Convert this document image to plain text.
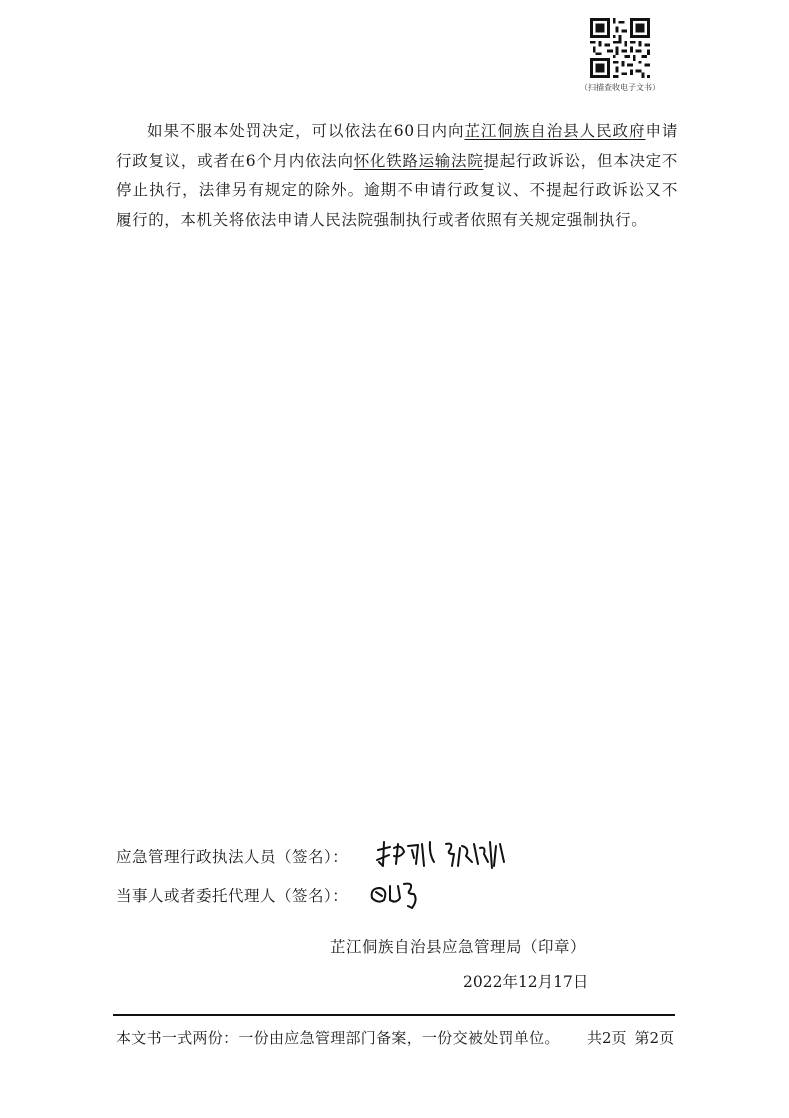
（扫描查收电子文书）

如果不服本处罚决定，可以依法在60日内向芷江侗族自治县人民政府申请行政复议，或者在6个月内依法向怀化铁路运输法院提起行政诉讼，但本决定不停止执行，法律另有规定的除外。逾期不申请行政复议、不提起行政诉讼又不履行的，本机关将依法申请人民法院强制执行或者依照有关规定强制执行。

应急管理行政执法人员（签名）：
当事人或者委托代理人（签名）：
芷江侗族自治县应急管理局（印章）
2022年12月17日
本文书一式两份：一份由应急管理部门备案，一份交被处罚单位。 共2页 第2页
